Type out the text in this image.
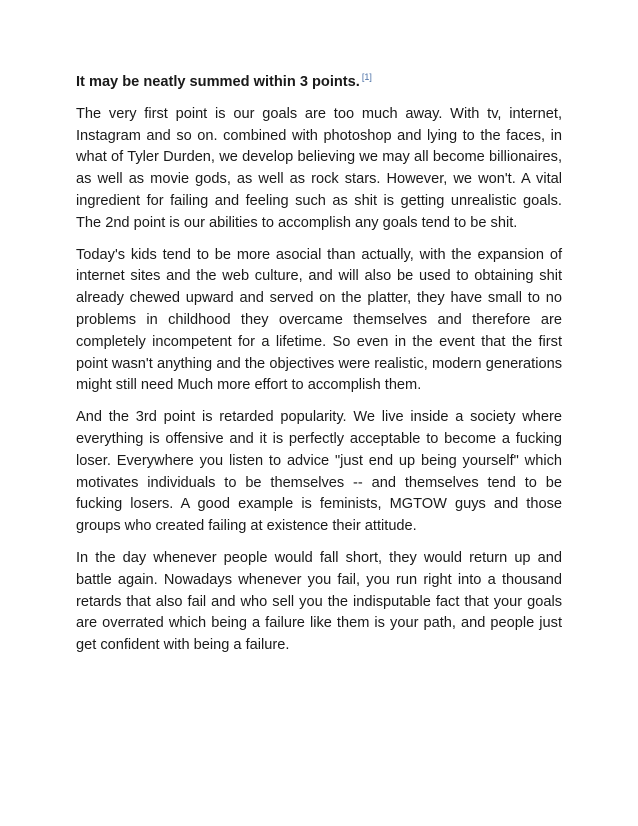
It may be neatly summed within 3 points. [1]

The very first point is our goals are too much away. With tv, internet, Instagram and so on. combined with photoshop and lying to the faces, in what of Tyler Durden, we develop believing we may all become billionaires, as well as movie gods, as well as rock stars. However, we won't. A vital ingredient for failing and feeling such as shit is getting unrealistic goals. The 2nd point is our abilities to accomplish any goals tend to be shit.

Today's kids tend to be more asocial than actually, with the expansion of internet sites and the web culture, and will also be used to obtaining shit already chewed upward and served on the platter, they have small to no problems in childhood they overcame themselves and therefore are completely incompetent for a lifetime. So even in the event that the first point wasn't anything and the objectives were realistic, modern generations might still need Much more effort to accomplish them.

And the 3rd point is retarded popularity. We live inside a society where everything is offensive and it is perfectly acceptable to become a fucking loser. Everywhere you listen to advice "just end up being yourself" which motivates individuals to be themselves -- and themselves tend to be fucking losers. A good example is feminists, MGTOW guys and those groups who created failing at existence their attitude.

In the day whenever people would fall short, they would return up and battle again. Nowadays whenever you fail, you run right into a thousand retards that also fail and who sell you the indisputable fact that your goals are overrated which being a failure like them is your path, and people just get confident with being a failure.
